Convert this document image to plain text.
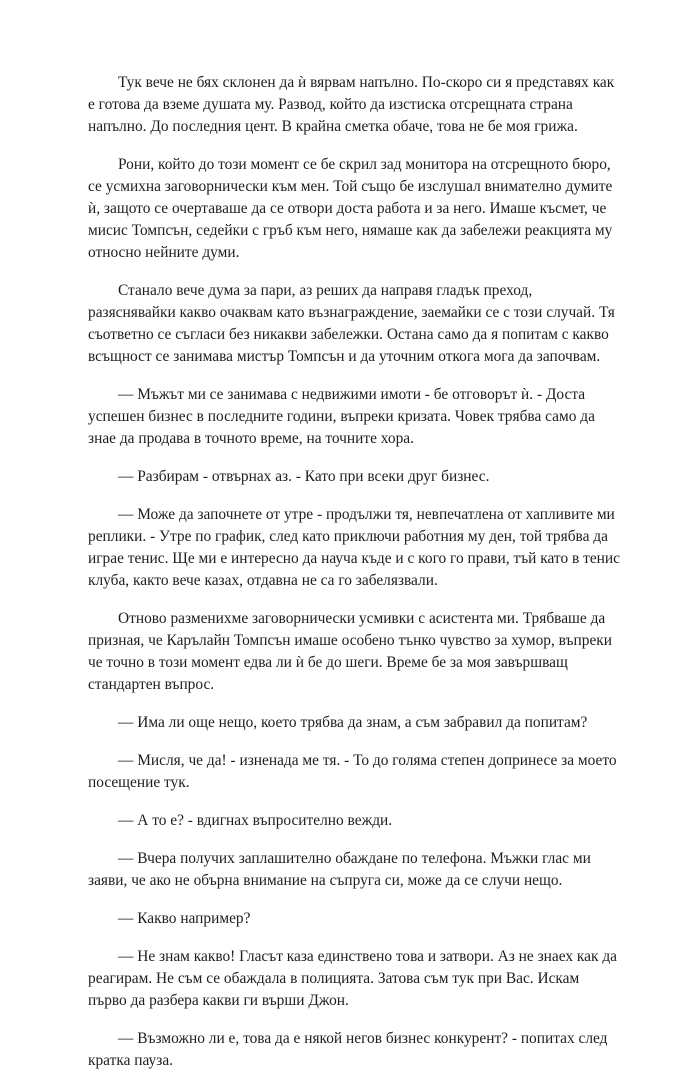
Тук вече не бях склонен да ѝ вярвам напълно. По-скоро си я представях как е готова да вземе душата му. Развод, който да изстиска отсрещната страна напълно. До последния цент. В крайна сметка обаче, това не бе моя грижа.

Рони, който до този момент се бе скрил зад монитора на отсрещното бюро, се усмихна заговорнически към мен. Той също бе изслушал внимателно думите ѝ, защото се очертаваше да се отвори доста работа и за него. Имаше късмет, че мисис Томпсън, седейки с гръб към него, нямаше как да забележи реакцията му относно нейните думи.

Станало вече дума за пари, аз реших да направя гладък преход, разяснявайки какво очаквам като възнаграждение, заемайки се с този случай. Тя съответно се съгласи без никакви забележки. Остана само да я попитам с какво всъщност се занимава мистър Томпсън и да уточним откога мога да започвам.

— Мъжът ми се занимава с недвижими имоти - бе отговорът ѝ. - Доста успешен бизнес в последните години, въпреки кризата. Човек трябва само да знае да продава в точното време, на точните хора.

— Разбирам - отвърнах аз. - Като при всеки друг бизнес.

— Може да започнете от утре - продължи тя, невпечатлена от хапливите ми реплики. - Утре по график, след като приключи работния му ден, той трябва да играе тенис. Ще ми е интересно да науча къде и с кого го прави, тъй като в тенис клуба, както вече казах, отдавна не са го забелязвали.

Отново разменихме заговорнически усмивки с асистента ми. Трябваше да призная, че Карълайн Томпсън имаше особено тънко чувство за хумор, въпреки че точно в този момент едва ли ѝ бе до шеги. Време бе за моя завършващ стандартен въпрос.

— Има ли още нещо, което трябва да знам, а съм забравил да попитам?

— Мисля, че да! - изненада ме тя. - То до голяма степен допринесе за моето посещение тук.

— А то е? - вдигнах въпросително вежди.

— Вчера получих заплашително обаждане по телефона. Мъжки глас ми заяви, че ако не обърна внимание на съпруга си, може да се случи нещо.

— Какво например?

— Не знам какво! Гласът каза единствено това и затвори. Аз не знаех как да реагирам. Не съм се обаждала в полицията. Затова съм тук при Вас. Искам първо да разбера какви ги върши Джон.

— Възможно ли е, това да е някой негов бизнес конкурент? - попитах след кратка пауза.
